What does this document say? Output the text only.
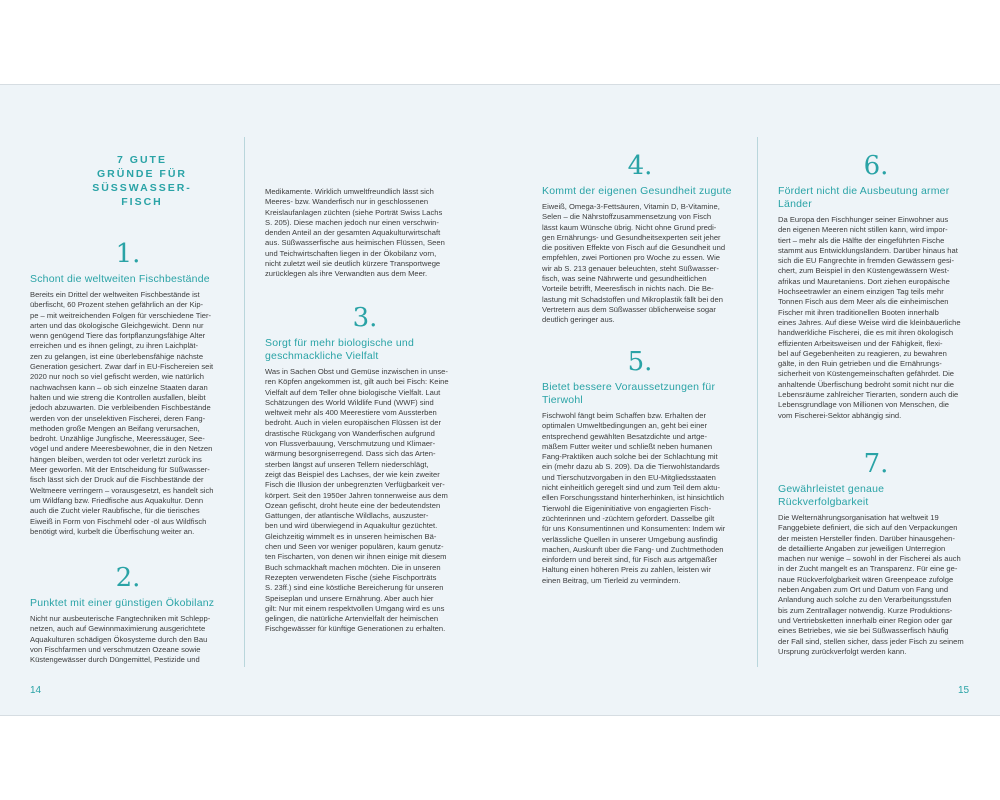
7 GUTE
GRÜNDE FÜR
SÜSSWASSER-
FISCH
1.

Schont die weltweiten Fischbestände

Bereits ein Drittel der weltweiten Fischbestände ist
überfischt, 60 Prozent stehen gefährlich an der Kip-
pe – mit weitreichenden Folgen für verschiedene Tier-
arten und das ökologische Gleichgewicht. Denn nur
wenn genügend Tiere das fortpflanzungsfähige Alter
erreichen und es ihnen gelingt, zu ihren Laichplät-
zen zu gelangen, ist eine überlebensfähige nächste
Generation gesichert. Zwar darf in EU-Fischereien seit
2020 nur noch so viel gefischt werden, wie natürlich
nachwachsen kann – ob sich einzelne Staaten daran
halten und wie streng die Kontrollen ausfallen, bleibt
jedoch abzuwarten. Die verbleibenden Fischbestände
werden von der unselektiven Fischerei, deren Fang-
methoden große Mengen an Beifang verursachen,
bedroht. Unzählige Jungfische, Meeressäuger, See-
vögel und andere Meeresbewohner, die in den Netzen
hängen bleiben, werden tot oder verletzt zurück ins
Meer geworfen. Mit der Entscheidung für Süßwasser-
fisch lässt sich der Druck auf die Fischbestände der
Weltmeere verringern – vorausgesetzt, es handelt sich
um Wildfang bzw. Friedfische aus Aquakultur. Denn
auch die Zucht vieler Raubfische, für die tierisches
Eiweiß in Form von Fischmehl oder -öl aus Wildfisch
benötigt wird, kurbelt die Überfischung weiter an.

2.

Punktet mit einer günstigen Ökobilanz

Nicht nur ausbeuterische Fangtechniken mit Schlepp-
netzen, auch auf Gewinnmaximierung ausgerichtete
Aquakulturen schädigen Ökosysteme durch den Bau
von Fischfarmen und verschmutzen Ozeane sowie
Küstengewässer durch Düngemittel, Pestizide und

Medikamente. Wirklich umweltfreundlich lässt sich
Meeres- bzw. Wanderfisch nur in geschlossenen
Kreislaufanlagen züchten (siehe Porträt Swiss Lachs
S. 205). Diese machen jedoch nur einen verschwin-
denden Anteil an der gesamten Aquakulturwirtschaft
aus. Süßwasserfische aus heimischen Flüssen, Seen
und Teichwirtschaften liegen in der Ökobilanz vorn,
nicht zuletzt weil sie deutlich kürzere Transportwege
zurücklegen als ihre Verwandten aus dem Meer.

3.

Sorgt für mehr biologische und geschmackliche Vielfalt

Was in Sachen Obst und Gemüse inzwischen in unse-
ren Köpfen angekommen ist, gilt auch bei Fisch: Keine
Vielfalt auf dem Teller ohne biologische Vielfalt. Laut
Schätzungen des World Wildlife Fund (WWF) sind
weltweit mehr als 400 Meerestiere vom Aussterben
bedroht. Auch in vielen europäischen Flüssen ist der
drastische Rückgang von Wanderfischen aufgrund
von Flussverbauung, Verschmutzung und Klimaer-
wärmung besorgniserregend. Dass sich das Arten-
sterben längst auf unseren Tellern niederschlägt,
zeigt das Beispiel des Lachses, der wie kein zweiter
Fisch die Illusion der unbegrenzten Verfügbarkeit ver-
körpert. Seit den 1950er Jahren tonnenweise aus dem
Ozean gefischt, droht heute eine der bedeutendsten
Gattungen, der atlantische Wildlachs, auszuster-
ben und wird überwiegend in Aquakultur gezüchtet.
Gleichzeitig wimmelt es in unseren heimischen Bä-
chen und Seen vor weniger populären, kaum genutz-
ten Fischarten, von denen wir ihnen einige mit diesem
Buch schmackhaft machen möchten. Die in unseren
Rezepten verwendeten Fische (siehe Fischporträts
S. 23ff.) sind eine köstliche Bereicherung für unseren
Speiseplan und unsere Ernährung. Aber auch hier
gilt: Nur mit einem respektvollen Umgang wird es uns
gelingen, die natürliche Artenvielfalt der heimischen
Fischgewässer für künftige Generationen zu erhalten.

4.

Kommt der eigenen Gesundheit zugute

Eiweiß, Omega-3-Fettsäuren, Vitamin D, B-Vitamine,
Selen – die Nährstoffzusammensetzung von Fisch
lässt kaum Wünsche übrig. Nicht ohne Grund predi-
gen Ernährungs- und Gesundheitsexperten seit jeher
die positiven Effekte von Fisch auf die Gesundheit und
empfehlen, zwei Portionen pro Woche zu essen. Wie
wir ab S. 213 genauer beleuchten, steht Süßwasser-
fisch, was seine Nährwerte und gesundheitlichen
Vorteile betrifft, Meeresfisch in nichts nach. Die Be-
lastung mit Schadstoffen und Mikroplastik fällt bei den
Vertretern aus dem Süßwasser üblicherweise sogar
deutlich geringer aus.

5.

Bietet bessere Voraussetzungen für Tierwohl

Fischwohl fängt beim Schaffen bzw. Erhalten der
optimalen Umweltbedingungen an, geht bei einer
entsprechend gewählten Besatzdichte und artge-
mäßem Futter weiter und schließt neben humanen
Fang-Praktiken auch solche bei der Schlachtung mit
ein (mehr dazu ab S. 209). Da die Tierwohlstandards
und Tierschutzvorgaben in den EU-Mitgliedsstaaten
nicht einheitlich geregelt sind und zum Teil dem aktu-
ellen Forschungsstand hinterherhinken, ist hinsichtlich
Tierwohl die Eigeninitiative von engagierten Fisch-
züchterinnen und -züchtern gefordert. Dasselbe gilt
für uns Konsumentinnen und Konsumenten: Indem wir
verlässliche Quellen in unserer Umgebung ausfindig
machen, Auskunft über die Fang- und Zuchtmethoden
einfordern und bereit sind, für Fisch aus artgemäßer
Haltung einen höheren Preis zu zahlen, leisten wir
einen Beitrag, um Tierleid zu vermindern.

6.

Fördert nicht die Ausbeutung armer Länder

Da Europa den Fischhunger seiner Einwohner aus
den eigenen Meeren nicht stillen kann, wird impor-
tiert – mehr als die Hälfte der eingeführten Fische
stammt aus Entwicklungsländern. Darüber hinaus hat
sich die EU Fangrechte in fremden Gewässern gesi-
chert, zum Beispiel in den Küstengewässern West-
afrikas und Mauretaniens. Dort ziehen europäische
Hochseetrawler an einem einzigen Tag teils mehr
Tonnen Fisch aus dem Meer als die einheimischen
Fischer mit ihren traditionellen Booten innerhalb
eines Jahres. Auf diese Weise wird die kleinbäuerliche
handwerkliche Fischerei, die es mit ihren ökologisch
effizienten Arbeitsweisen und der Fähigkeit, flexi-
bel auf Gegebenheiten zu reagieren, zu bewahren
gälte, in den Ruin getrieben und die Ernährungs-
sicherheit von Küstengemeinschaften gefährdet. Die
anhaltende Überfischung bedroht somit nicht nur die
Lebensräume zahlreicher Tierarten, sondern auch die
Lebensgrundlage von Millionen von Menschen, die
vom Fischerei-Sektor abhängig sind.

7.

Gewährleistet genaue Rückverfolgbarkeit

Die Welternährungsorganisation hat weltweit 19
Fanggebiete definiert, die sich auf den Verpackungen
der meisten Hersteller finden. Darüber hinausgehen-
de detaillierte Angaben zur jeweiligen Unterregion
machen nur wenige – sowohl in der Fischerei als auch
in der Zucht mangelt es an Transparenz. Für eine ge-
naue Rückverfolgbarkeit wären Greenpeace zufolge
neben Angaben zum Ort und Datum von Fang und
Anlandung auch solche zu den Verarbeitungsstufen
bis zum Zentrallager notwendig. Kurze Produktions-
und Vertriebsketten innerhalb einer Region oder gar
eines Betriebes, wie sie bei Süßwasserfisch häufig
der Fall sind, stellen sicher, dass jeder Fisch zu seinem
Ursprung zurückverfolgt werden kann.

14	15
